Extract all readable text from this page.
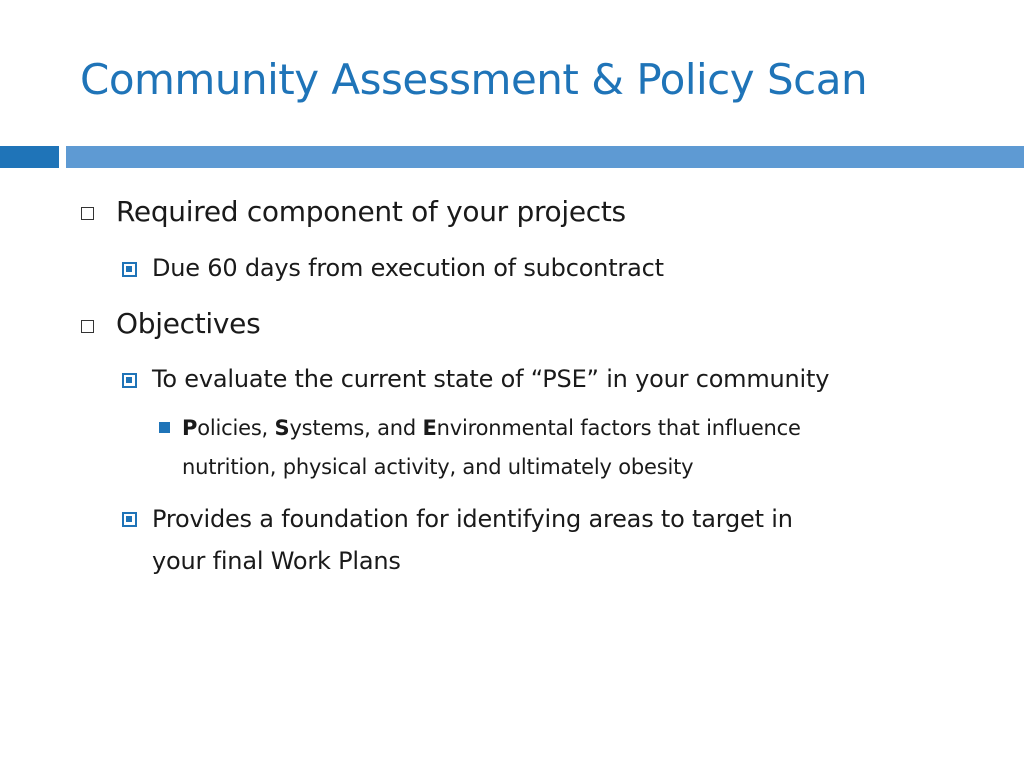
Community Assessment & Policy Scan
Required component of your projects
Due 60 days from execution of subcontract
Objectives
To evaluate the current state of “PSE” in your community
Policies, Systems, and Environmental factors that influence
nutrition, physical activity, and ultimately obesity
Provides a foundation for identifying areas to target in
your final Work Plans
